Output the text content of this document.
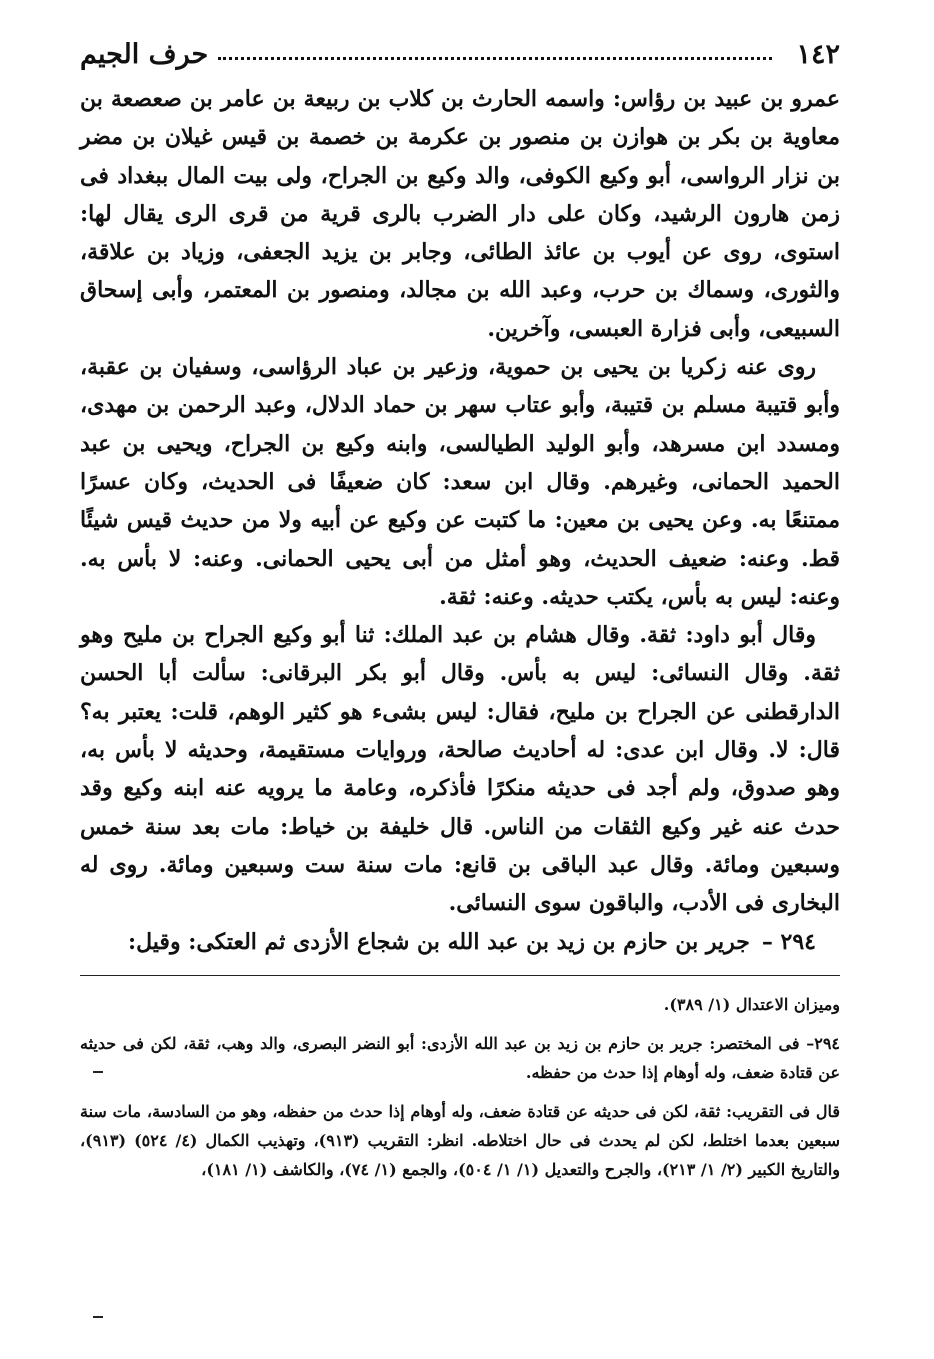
١٤٢
حرف الجيم

عمرو بن عبيد بن رؤاس: واسمه الحارث بن كلاب بن ربيعة بن عامر بن صعصعة بن معاوية بن بكر بن هوازن بن منصور بن عكرمة بن خصمة بن قيس غيلان بن مضر بن نزار الرواسى، أبو وكيع الكوفى، والد وكيع بن الجراح، ولى بيت المال ببغداد فى زمن هارون الرشيد، وكان على دار الضرب بالرى قرية من قرى الرى يقال لها: استوى، روى عن أيوب بن عائذ الطائى، وجابر بن يزيد الجعفى، وزياد بن علاقة، والثورى، وسماك بن حرب، وعبد الله بن مجالد، ومنصور بن المعتمر، وأبى إسحاق السبيعى، وأبى فزارة العبسى، وآخرين.

روى عنه زكريا بن يحيى بن حموية، وزعير بن عباد الرؤاسى، وسفيان بن عقبة، وأبو قتيبة مسلم بن قتيبة، وأبو عتاب سهر بن حماد الدلال، وعبد الرحمن بن مهدى، ومسدد ابن مسرهد، وأبو الوليد الطيالسى، وابنه وكيع بن الجراح، ويحيى بن عبد الحميد الحمانى، وغيرهم. وقال ابن سعد: كان ضعيفًا فى الحديث، وكان عسرًا ممتنعًا به. وعن يحيى بن معين: ما كتبت عن وكيع عن أبيه ولا من حديث قيس شيئًا قط. وعنه: ضعيف الحديث، وهو أمثل من أبى يحيى الحمانى. وعنه: لا بأس به. وعنه: ليس به بأس، يكتب حديثه. وعنه: ثقة.

وقال أبو داود: ثقة. وقال هشام بن عبد الملك: ثنا أبو وكيع الجراح بن مليح وهو ثقة. وقال النسائى: ليس به بأس. وقال أبو بكر البرقانى: سألت أبا الحسن الدارقطنى عن الجراح بن مليح، فقال: ليس بشىء هو كثير الوهم، قلت: يعتبر به؟ قال: لا. وقال ابن عدى: له أحاديث صالحة، وروايات مستقيمة، وحديثه لا بأس به، وهو صدوق، ولم أجد فى حديثه منكرًا فأذكره، وعامة ما يرويه عنه ابنه وكيع وقد حدث عنه غير وكيع الثقات من الناس. قال خليفة بن خياط: مات بعد سنة خمس وسبعين ومائة. وقال عبد الباقى بن قانع: مات سنة ست وسبعين ومائة. روى له البخارى فى الأدب، والباقون سوى النسائى.

٢٩٤ –جرير بن حازم بن زيد بن عبد الله بن شجاع الأزدى ثم العتكى: وقيل:

وميزان الاعتدال (١/ ٣٨٩).

٢٩٤– فى المختصر: جرير بن حازم بن زيد بن عبد الله الأزدى: أبو النضر البصرى، والد وهب، ثقة، لكن فى حديثه عن قتادة ضعف، وله أوهام إذا حدث من حفظه.

قال فى التقريب: ثقة، لكن فى حديثه عن قتادة ضعف، وله أوهام إذا حدث من حفظه، وهو من السادسة، مات سنة سبعين بعدما اختلط، لكن لم يحدث فى حال اختلاطه. انظر: التقريب (٩١٣)، وتهذيب الكمال (٤/ ٥٢٤) (٩١٣)، والتاريخ الكبير (٢/ ١/ ٢١٣)، والجرح والتعديل (١/ ١/ ٥٠٤)، والجمع (١/ ٧٤)، والكاشف (١/ ١٨١)،
